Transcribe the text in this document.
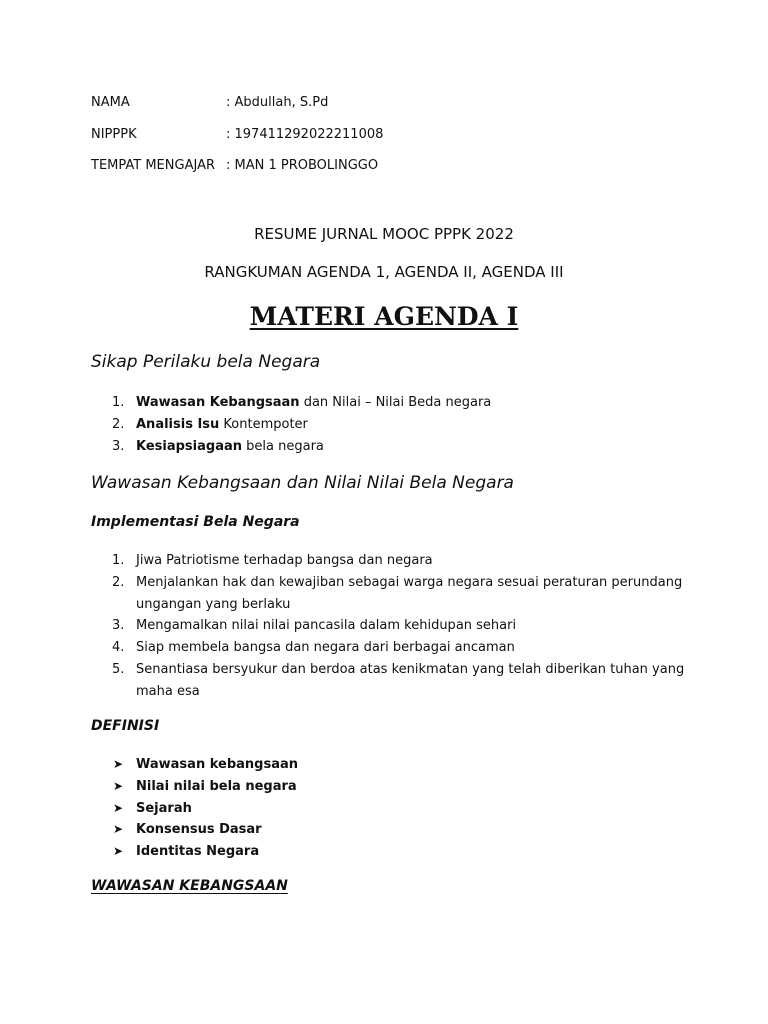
NAMA	: Abdullah, S.Pd
NIPPPK	: 197411292022211008
TEMPAT MENGAJAR : MAN 1 PROBOLINGGO
RESUME JURNAL MOOC PPPK 2022
RANGKUMAN AGENDA 1, AGENDA II, AGENDA III
MATERI AGENDA I
Sikap Perilaku bela Negara
1. Wawasan Kebangsaan dan Nilai – Nilai Beda negara
2. Analisis Isu Kontempoter
3. Kesiapsiagaan bela negara
Wawasan Kebangsaan dan Nilai Nilai Bela Negara
Implementasi Bela Negara
1. Jiwa Patriotisme terhadap bangsa dan negara
2. Menjalankan hak dan kewajiban sebagai warga negara sesuai peraturan perundang ungangan yang berlaku
3. Mengamalkan nilai nilai pancasila dalam kehidupan sehari
4. Siap membela bangsa dan negara dari berbagai ancaman
5. Senantiasa bersyukur dan berdoa atas kenikmatan yang telah diberikan tuhan yang maha esa
DEFINISI
➤ Wawasan kebangsaan
➤ Nilai nilai bela negara
➤ Sejarah
➤ Konsensus Dasar
➤ Identitas Negara
WAWASAN KEBANGSAAN
